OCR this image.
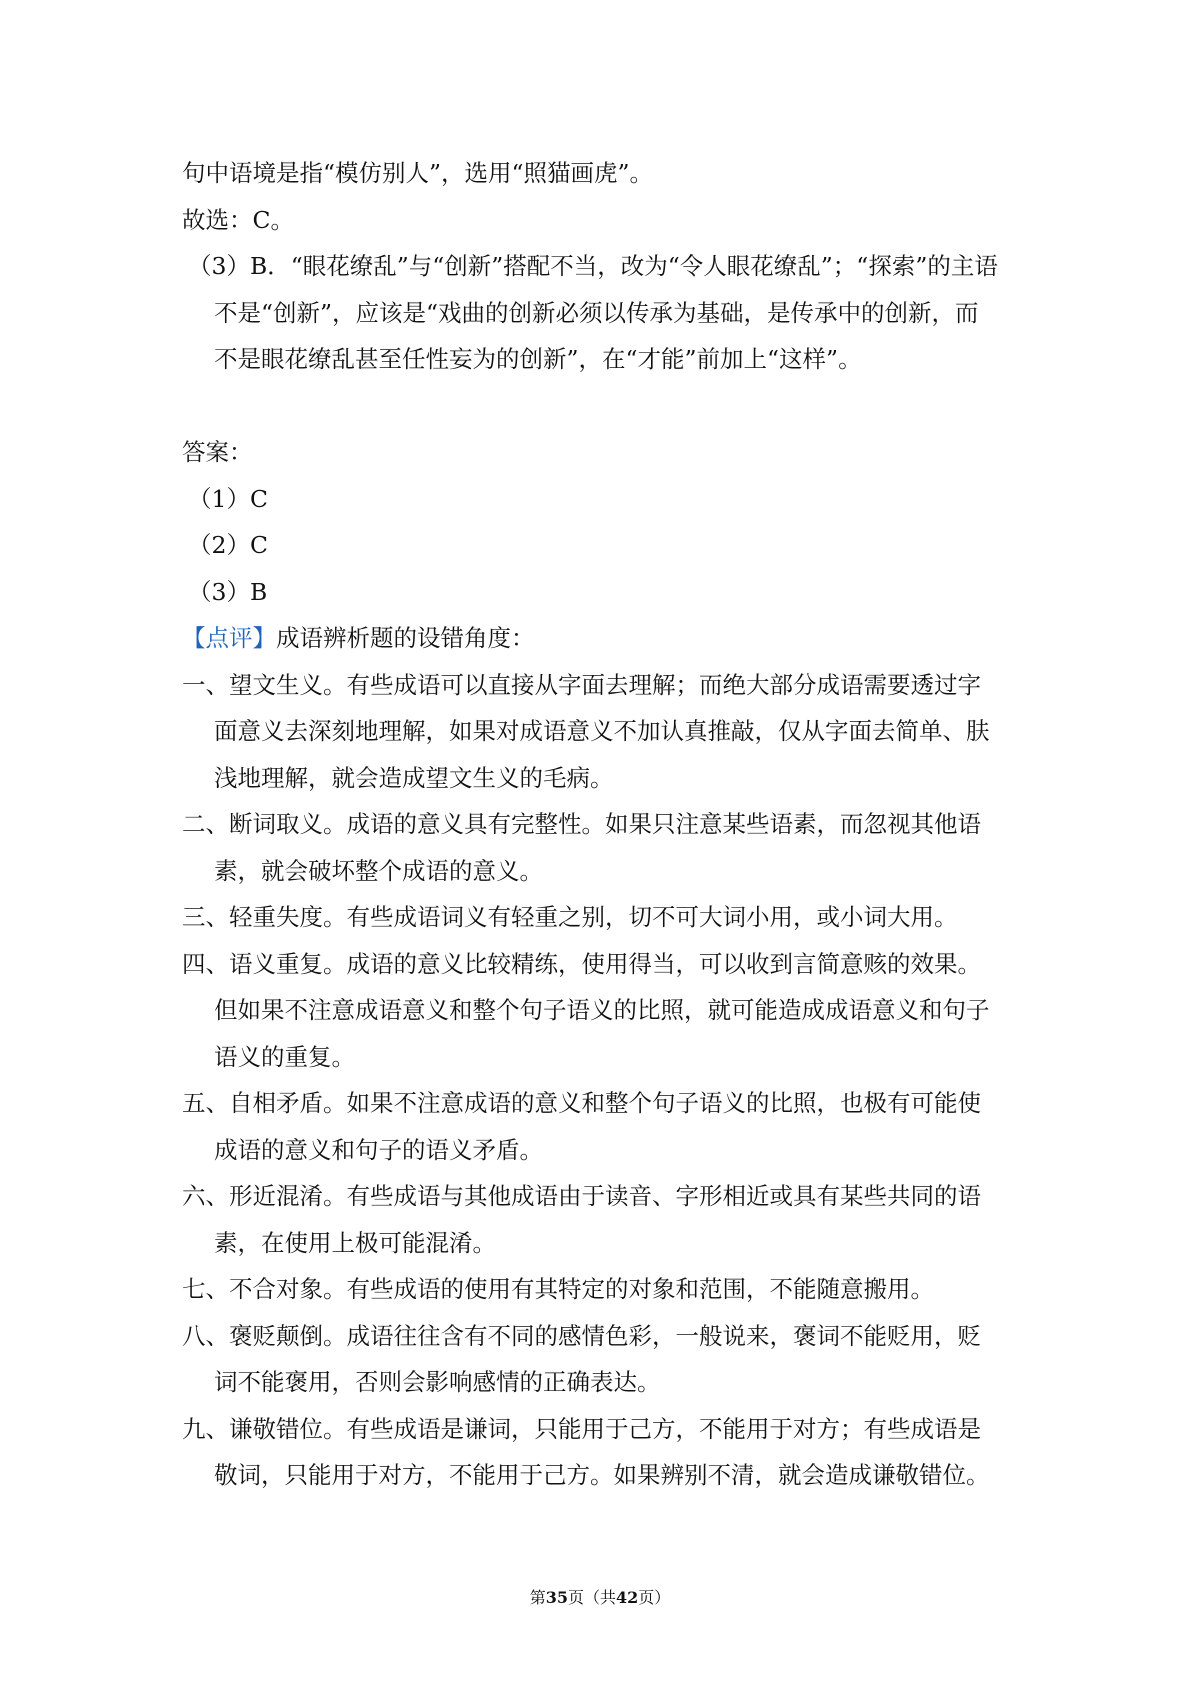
句中语境是指“模仿别人”，选用“照猫画虎”。
故选：C。
（3）B．“眼花缭乱”与“创新”搭配不当，改为“令人眼花缭乱”；“探索”的主语
不是“创新”，应该是“戏曲的创新必须以传承为基础，是传承中的创新，而
不是眼花缭乱甚至任性妄为的创新”，在“才能”前加上“这样”。
答案：
（1）C
（2）C
（3）B
【点评】成语辨析题的设错角度：
一、望文生义。有些成语可以直接从字面去理解；而绝大部分成语需要透过字
面意义去深刻地理解，如果对成语意义不加认真推敲，仅从字面去简单、肤
浅地理解，就会造成望文生义的毛病。
二、断词取义。成语的意义具有完整性。如果只注意某些语素，而忽视其他语
素，就会破坏整个成语的意义。
三、轻重失度。有些成语词义有轻重之别，切不可大词小用，或小词大用。
四、语义重复。成语的意义比较精练，使用得当，可以收到言简意赅的效果。
但如果不注意成语意义和整个句子语义的比照，就可能造成成语意义和句子
语义的重复。
五、自相矛盾。如果不注意成语的意义和整个句子语义的比照，也极有可能使
成语的意义和句子的语义矛盾。
六、形近混淆。有些成语与其他成语由于读音、字形相近或具有某些共同的语
素，在使用上极可能混淆。
七、不合对象。有些成语的使用有其特定的对象和范围，不能随意搬用。
八、褒贬颠倒。成语往往含有不同的感情色彩，一般说来，褒词不能贬用，贬
词不能褒用，否则会影响感情的正确表达。
九、谦敬错位。有些成语是谦词，只能用于己方，不能用于对方；有些成语是
敬词，只能用于对方，不能用于己方。如果辨别不清，就会造成谦敬错位。
第35页（共42页）
